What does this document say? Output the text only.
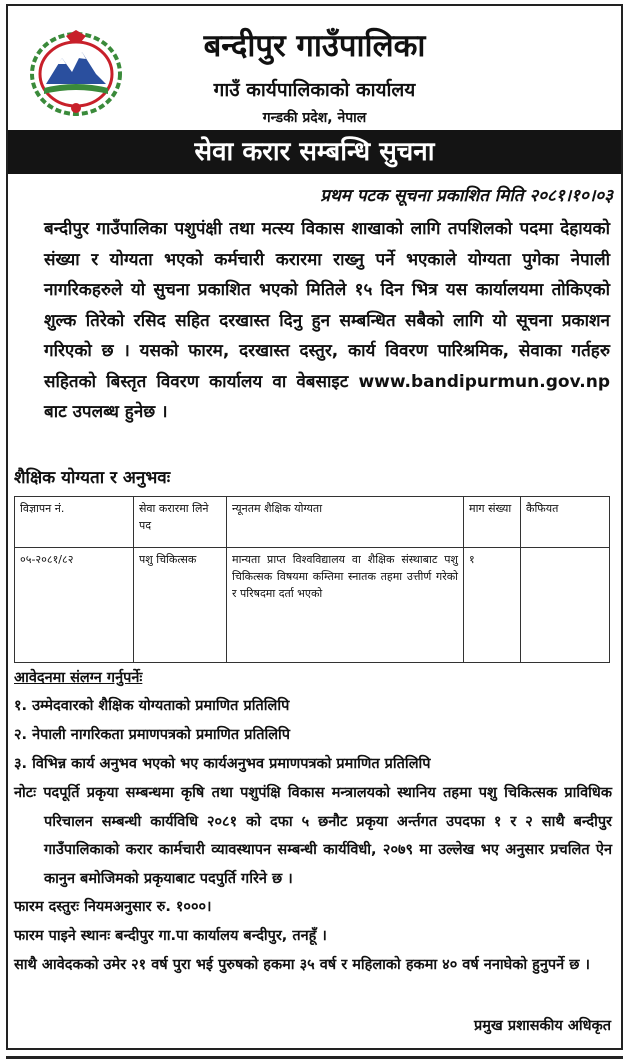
बन्दीपुर गाउँपालिका
गाउँ कार्यपालिकाको कार्यालय
गन्डकी प्रदेश, नेपाल
सेवा करार सम्बन्धि सुचना
प्रथम पटक सूचना प्रकाशित मिति २०८१।१०।०३
बन्दीपुर गाउँपालिका पशुपंक्षी तथा मत्स्य विकास शाखाको लागि तपशिलको पदमा देहायको संख्या र योग्यता भएको कर्मचारी करारमा राख्नु पर्ने भएकाले योग्यता पुगेका नेपाली नागरिकहरुले यो सुचना प्रकाशित भएको मितिले १५ दिन भित्र यस कार्यालयमा तोकिएको शुल्क तिरेको रसिद सहित दरखास्त दिनु हुन सम्बन्धित सबैको लागि यो सूचना प्रकाशन गरिएको छ । यसको फारम, दरखास्त दस्तुर, कार्य विवरण पारिश्रमिक, सेवाका गर्तहरु सहितको बिस्तृत विवरण कार्यालय वा वेबसाइट www.bandipurmun.gov.np बाट उपलब्ध हुनेछ ।
शैक्षिक योग्यता र अनुभवः
विज्ञापन नं.	सेवा करारमा लिने पद	न्यूनतम शैक्षिक योग्यता	माग संख्या	कैफियत
०५-२०८१/८२	पशु चिकित्सक	मान्यता प्राप्त विश्वविद्यालय वा शैक्षिक संस्थाबाट पशु चिकित्सक विषयमा कम्तिमा स्नातक तहमा उत्तीर्ण गरेको र परिषदमा दर्ता भएको	१	
आवेदनमा संलग्न गर्नुपर्नेः
१. उम्मेदवारको शैक्षिक योग्यताको प्रमाणित प्रतिलिपि
२. नेपाली नागरिकता प्रमाणपत्रको प्रमाणित प्रतिलिपि
३. विभिन्न कार्य अनुभव भएको भए कार्यअनुभव प्रमाणपत्रको प्रमाणित प्रतिलिपि
नोटः पदपूर्ति प्रकृया सम्बन्धमा कृषि तथा पशुपंक्षि विकास मन्त्रालयको स्थानिय तहमा पशु चिकित्सक प्राविधिक परिचालन सम्बन्धी कार्यविधि २०८१ को दफा ५ छनौट प्रकृया अर्न्तगत उपदफा १ र २ साथै बन्दीपुर गाउँपालिकाको करार कार्मचारी व्यावस्थापन सम्बन्धी कार्यविधी, २०७९ मा उल्लेख भए अनुसार प्रचलित ऐन कानुन बमोजिमको प्रकृयाबाट पदपुर्ति गरिने छ ।
फारम दस्तुरः नियमअनुसार रु. १०००।
फारम पाइने स्थानः बन्दीपुर गा.पा कार्यालय बन्दीपुर, तनहूँ ।
साथै आवेदकको उमेर २१ वर्ष पुरा भई पुरुषको हकमा ३५ वर्ष र महिलाको हकमा ४० वर्ष ननाघेको हुनुपर्ने छ ।
प्रमुख प्रशासकीय अधिकृत
